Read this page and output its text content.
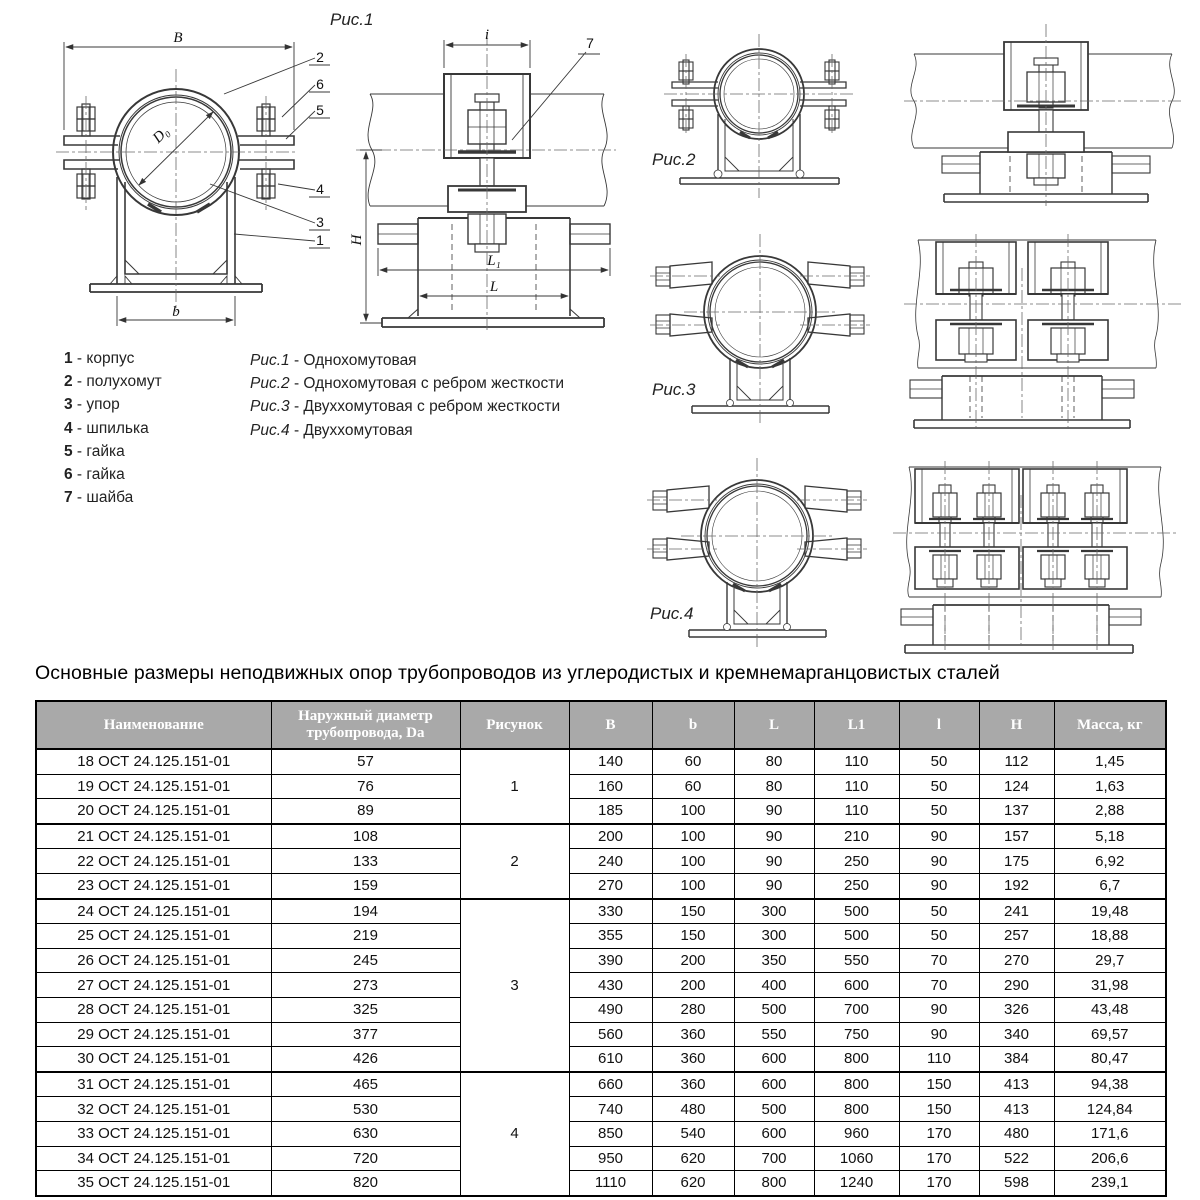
B
b
D₀
2
6
5
4
3
1
Рис.1
i	7
H
L₁
L
Рис.2
Рис.3
Рис.4
1 - корпус
2 - полухомут
3 - упор
4 - шпилька
5 - гайка
6 - гайка
7 - шайба
Рис.1 - Однохомутовая
Рис.2 - Однохомутовая с ребром жесткости
Рис.3 - Двуххомутовая с ребром жесткости
Рис.4 - Двуххомутовая
Основные размеры неподвижных опор трубопроводов из углеродистых и кремнемарганцовистых сталей
Наименование	Наружный диаметр трубопровода, Da	Рисунок	B	b	L	L1	l	H	Масса, кг
18 ОСТ 24.125.151-01	57	1	140	60	80	110	50	112	1,45
19 ОСТ 24.125.151-01	76		160	60	80	110	50	124	1,63
20 ОСТ 24.125.151-01	89		185	100	90	110	50	137	2,88
21 ОСТ 24.125.151-01	108	2	200	100	90	210	90	157	5,18
22 ОСТ 24.125.151-01	133		240	100	90	250	90	175	6,92
23 ОСТ 24.125.151-01	159		270	100	90	250	90	192	6,7
24 ОСТ 24.125.151-01	194	3	330	150	300	500	50	241	19,48
25 ОСТ 24.125.151-01	219		355	150	300	500	50	257	18,88
26 ОСТ 24.125.151-01	245		390	200	350	550	70	270	29,7
27 ОСТ 24.125.151-01	273		430	200	400	600	70	290	31,98
28 ОСТ 24.125.151-01	325		490	280	500	700	90	326	43,48
29 ОСТ 24.125.151-01	377		560	360	550	750	90	340	69,57
30 ОСТ 24.125.151-01	426		610	360	600	800	110	384	80,47
31 ОСТ 24.125.151-01	465	4	660	360	600	800	150	413	94,38
32 ОСТ 24.125.151-01	530		740	480	500	800	150	413	124,84
33 ОСТ 24.125.151-01	630		850	540	600	960	170	480	171,6
34 ОСТ 24.125.151-01	720		950	620	700	1060	170	522	206,6
35 ОСТ 24.125.151-01	820		1110	620	800	1240	170	598	239,1
